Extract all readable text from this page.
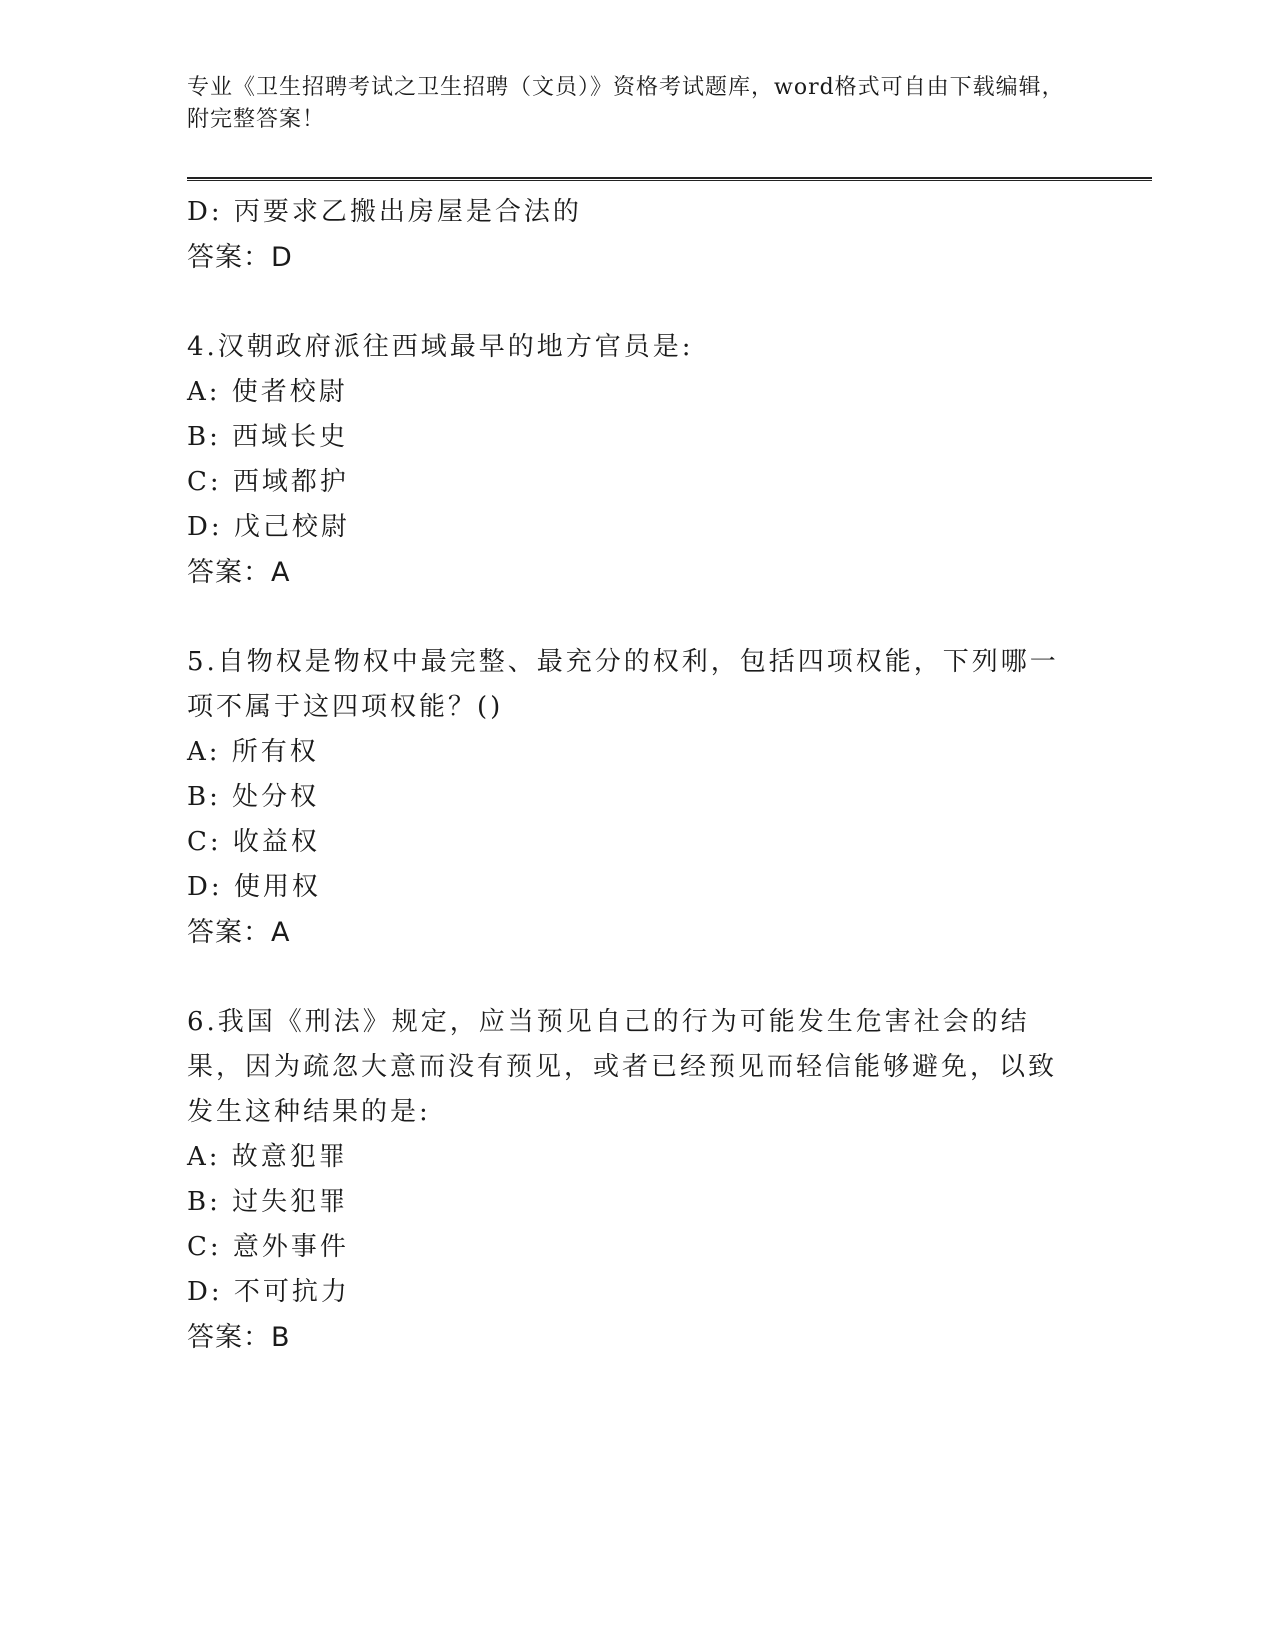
专业《卫生招聘考试之卫生招聘（文员）》资格考试题库，word格式可自由下载编辑，附完整答案！
D: 丙要求乙搬出房屋是合法的
答案：D
4.汉朝政府派往西域最早的地方官员是:
A: 使者校尉
B: 西域长史
C: 西域都护
D: 戊己校尉
答案：A
5.自物权是物权中最完整、最充分的权利，包括四项权能，下列哪一项不属于这四项权能？()
A: 所有权
B: 处分权
C: 收益权
D: 使用权
答案：A
6.我国《刑法》规定，应当预见自己的行为可能发生危害社会的结果，因为疏忽大意而没有预见，或者已经预见而轻信能够避免，以致发生这种结果的是:
A: 故意犯罪
B: 过失犯罪
C: 意外事件
D: 不可抗力
答案：B
